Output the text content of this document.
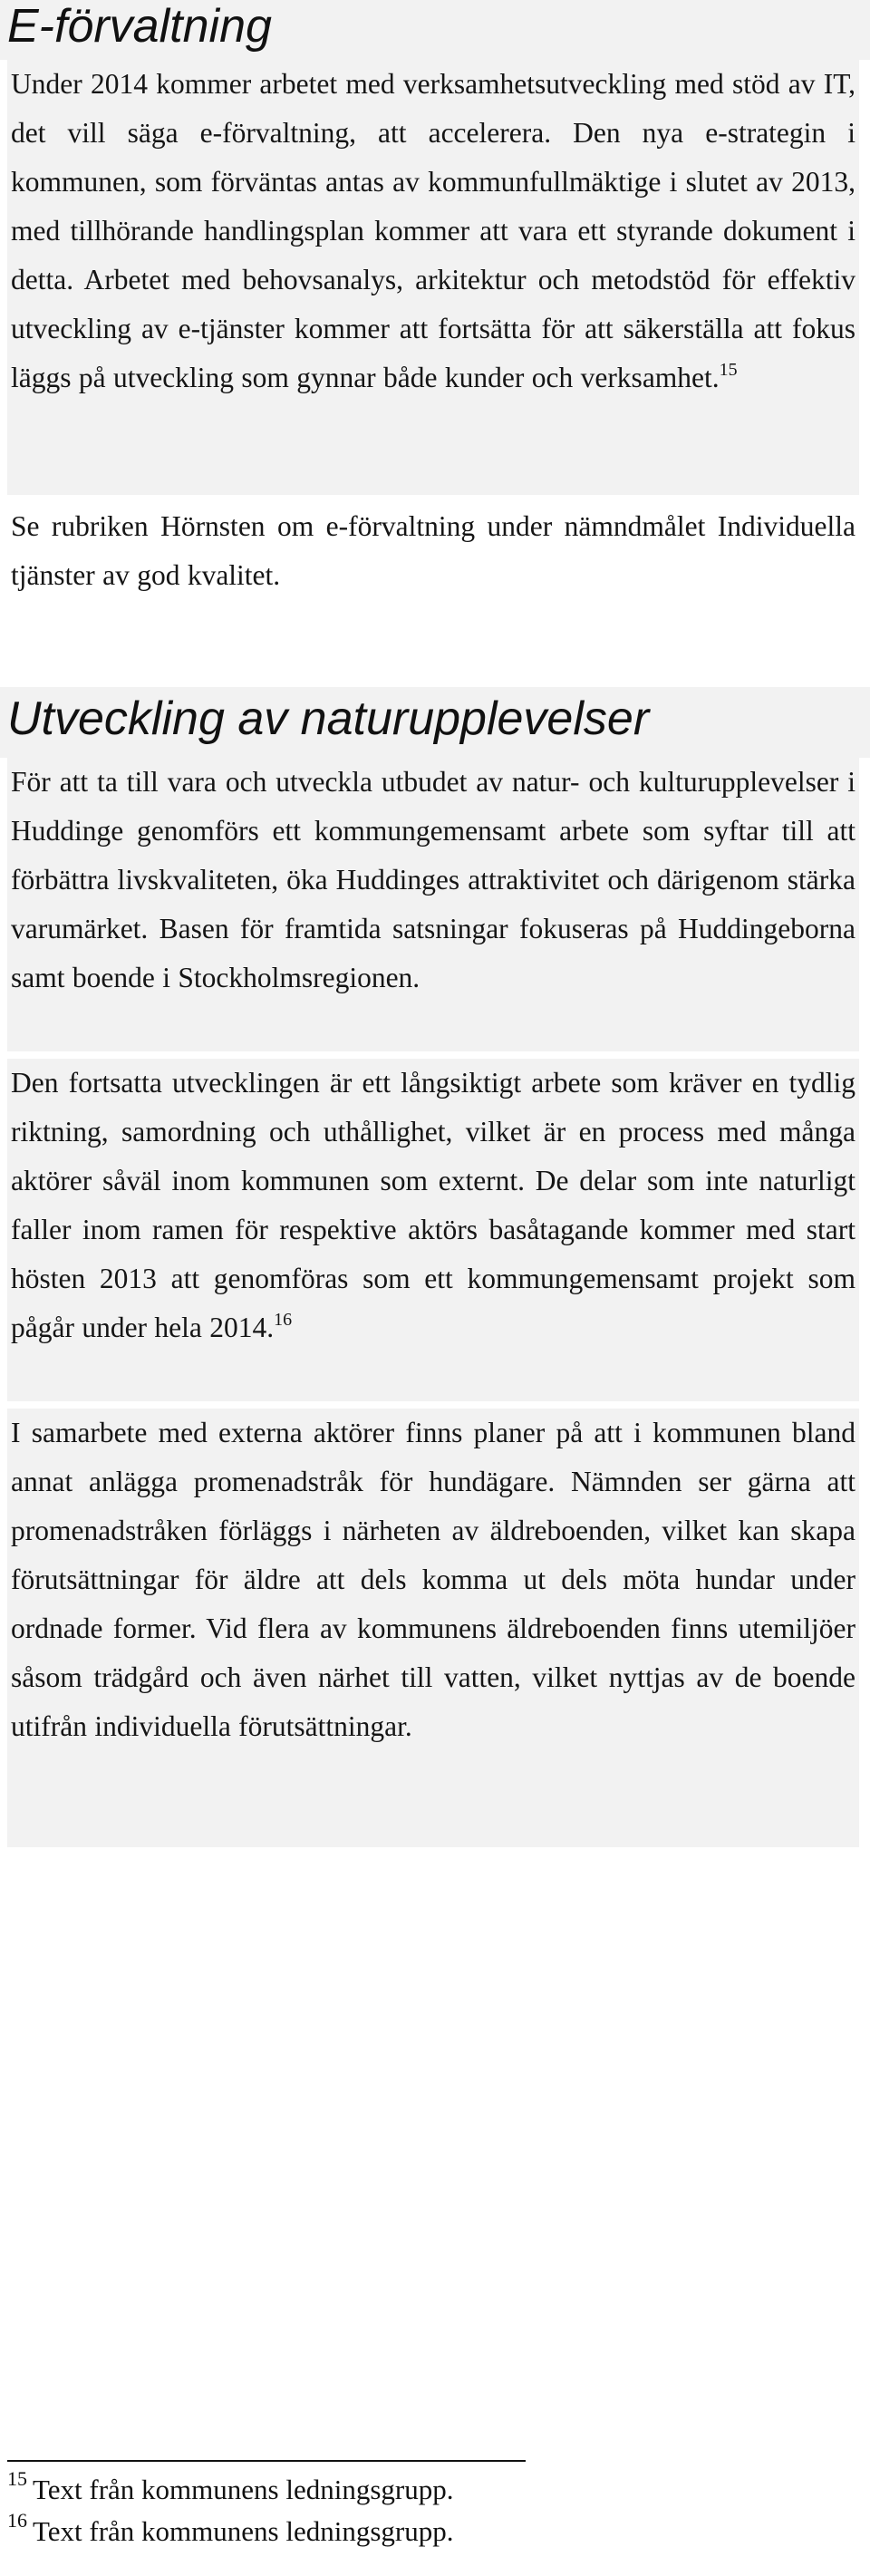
E-förvaltning

Under 2014 kommer arbetet med verksamhetsutveckling med stöd av IT, det vill säga e-förvaltning, att accelerera. Den nya e-strategin i kommunen, som förväntas antas av kommunfullmäktige i slutet av 2013, med tillhörande handlingsplan kommer att vara ett styrande dokument i detta. Arbetet med behovsanalys, arkitektur och metodstöd för effektiv utveckling av e-tjänster kommer att fortsätta för att säkerställa att fokus läggs på utveckling som gynnar både kunder och verksamhet.$^{15}$

Se rubriken Hörnsten om e-förvaltning under nämndmålet Individuella tjänster av god kvalitet.

Utveckling av naturupplevelser

För att ta till vara och utveckla utbudet av natur- och kulturupplevelser i Huddinge genomförs ett kommungemensamt arbete som syftar till att förbättra livskvaliteten, öka Huddinges attraktivitet och därigenom stärka varumärket. Basen för framtida satsningar fokuseras på Huddingeborna samt boende i Stockholmsregionen.

Den fortsatta utvecklingen är ett långsiktigt arbete som kräver en tydlig riktning, samordning och uthållighet, vilket är en process med många aktörer såväl inom kommunen som externt. De delar som inte naturligt faller inom ramen för respektive aktörs basåtagande kommer med start hösten 2013 att genomföras som ett kommungemensamt projekt som pågår under hela 2014.16

I samarbete med externa aktörer finns planer på att i kommunen bland annat anlägga promenadstråk för hundägare. Nämnden ser gärna att promenadstråken förläggs i närheten av äldreboenden, vilket kan skapa förutsättningar för äldre att dels komma ut dels möta hundar under ordnade former. Vid flera av kommunens äldreboenden finns utemiljöer såsom trädgård och även närhet till vatten, vilket nyttjas av de boende utifrån individuella förutsättningar.

$^{15}$ Text från kommunens ledningsgrupp.

$^{16}$ Text från kommunens ledningsgrupp.
